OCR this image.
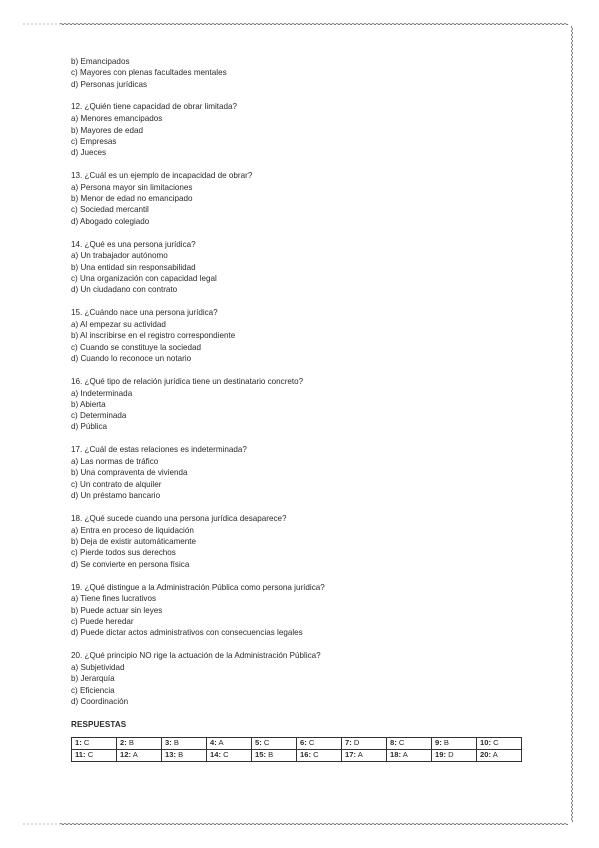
b) Emancipados
c) Mayores con plenas facultades mentales
d) Personas jurídicas
12. ¿Quién tiene capacidad de obrar limitada?
a) Menores emancipados
b) Mayores de edad
c) Empresas
d) Jueces
13. ¿Cuál es un ejemplo de incapacidad de obrar?
a) Persona mayor sin limitaciones
b) Menor de edad no emancipado
c) Sociedad mercantil
d) Abogado colegiado
14. ¿Qué es una persona jurídica?
a) Un trabajador autónomo
b) Una entidad sin responsabilidad
c) Una organización con capacidad legal
d) Un ciudadano con contrato
15. ¿Cuándo nace una persona jurídica?
a) Al empezar su actividad
b) Al inscribirse en el registro correspondiente
c) Cuando se constituye la sociedad
d) Cuando lo reconoce un notario
16. ¿Qué tipo de relación jurídica tiene un destinatario concreto?
a) Indeterminada
b) Abierta
c) Determinada
d) Pública
17. ¿Cuál de estas relaciones es indeterminada?
a) Las normas de tráfico
b) Una compraventa de vivienda
c) Un contrato de alquiler
d) Un préstamo bancario
18. ¿Qué sucede cuando una persona jurídica desaparece?
a) Entra en proceso de liquidación
b) Deja de existir automáticamente
c) Pierde todos sus derechos
d) Se convierte en persona física
19. ¿Qué distingue a la Administración Pública como persona jurídica?
a) Tiene fines lucrativos
b) Puede actuar sin leyes
c) Puede heredar
d) Puede dictar actos administrativos con consecuencias legales
20. ¿Qué principio NO rige la actuación de la Administración Pública?
a) Subjetividad
b) Jerarquía
c) Eficiencia
d) Coordinación
RESPUESTAS
1: C	2: B	3: B	4: A	5: C	6: C	7: D	8: C	9: B	10: C
11: C	12: A	13: B	14: C	15: B	16: C	17: A	18: A	19: D	20: A
